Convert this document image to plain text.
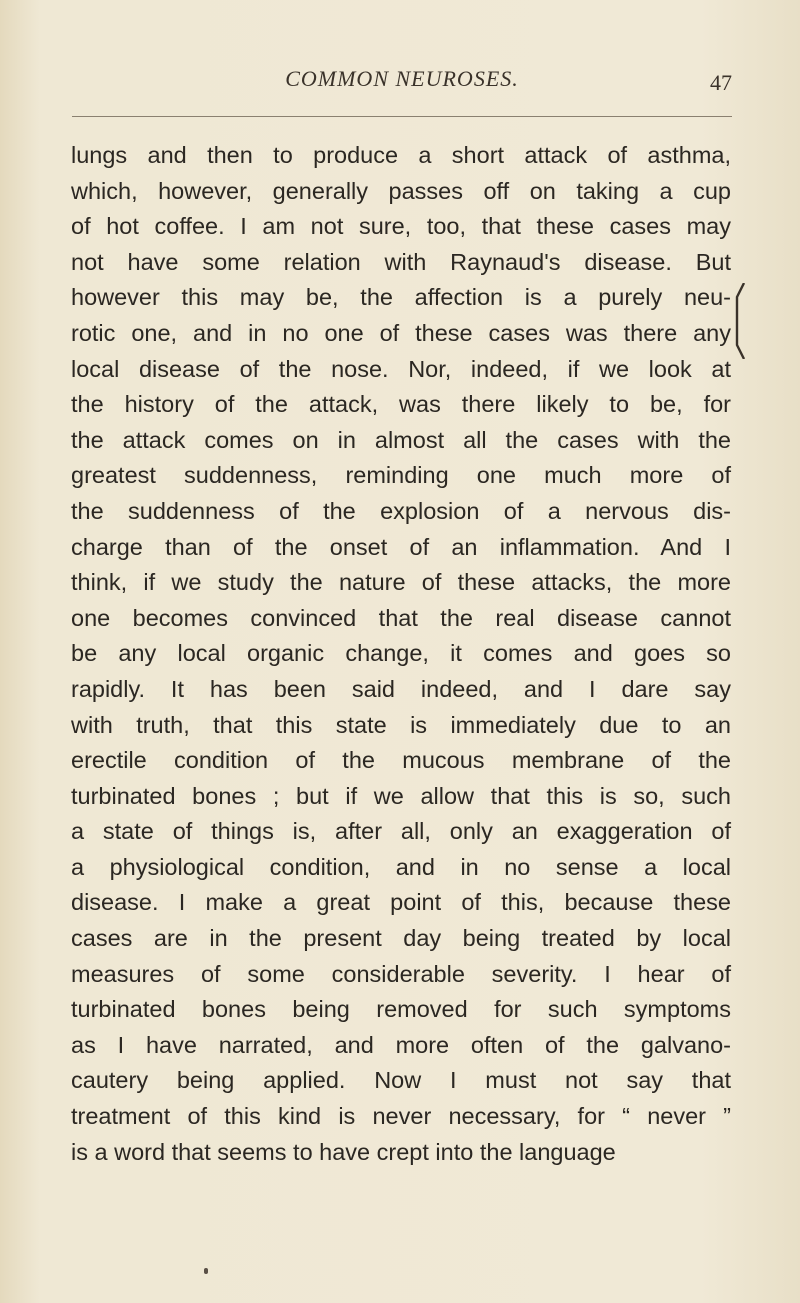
COMMON NEUROSES.	47
lungs and then to produce a short attack of asthma,
which, however, generally passes off on taking a cup
of hot coffee. I am not sure, too, that these cases may
not have some relation with Raynaud's disease. But
however this may be, the affection is a purely neu-
rotic one, and in no one of these cases was there any
local disease of the nose. Nor, indeed, if we look at
the history of the attack, was there likely to be, for
the attack comes on in almost all the cases with the
greatest suddenness, reminding one much more of
the suddenness of the explosion of a nervous dis-
charge than of the onset of an inflammation. And I
think, if we study the nature of these attacks, the more
one becomes convinced that the real disease cannot
be any local organic change, it comes and goes so
rapidly. It has been said indeed, and I dare say
with truth, that this state is immediately due to an
erectile condition of the mucous membrane of the
turbinated bones ; but if we allow that this is so, such
a state of things is, after all, only an exaggeration of
a physiological condition, and in no sense a local
disease. I make a great point of this, because these
cases are in the present day being treated by local
measures of some considerable severity. I hear of
turbinated bones being removed for such symptoms
as I have narrated, and more often of the galvano-
cautery being applied. Now I must not say that
treatment of this kind is never necessary, for “ never ”
is a word that seems to have crept into the language
